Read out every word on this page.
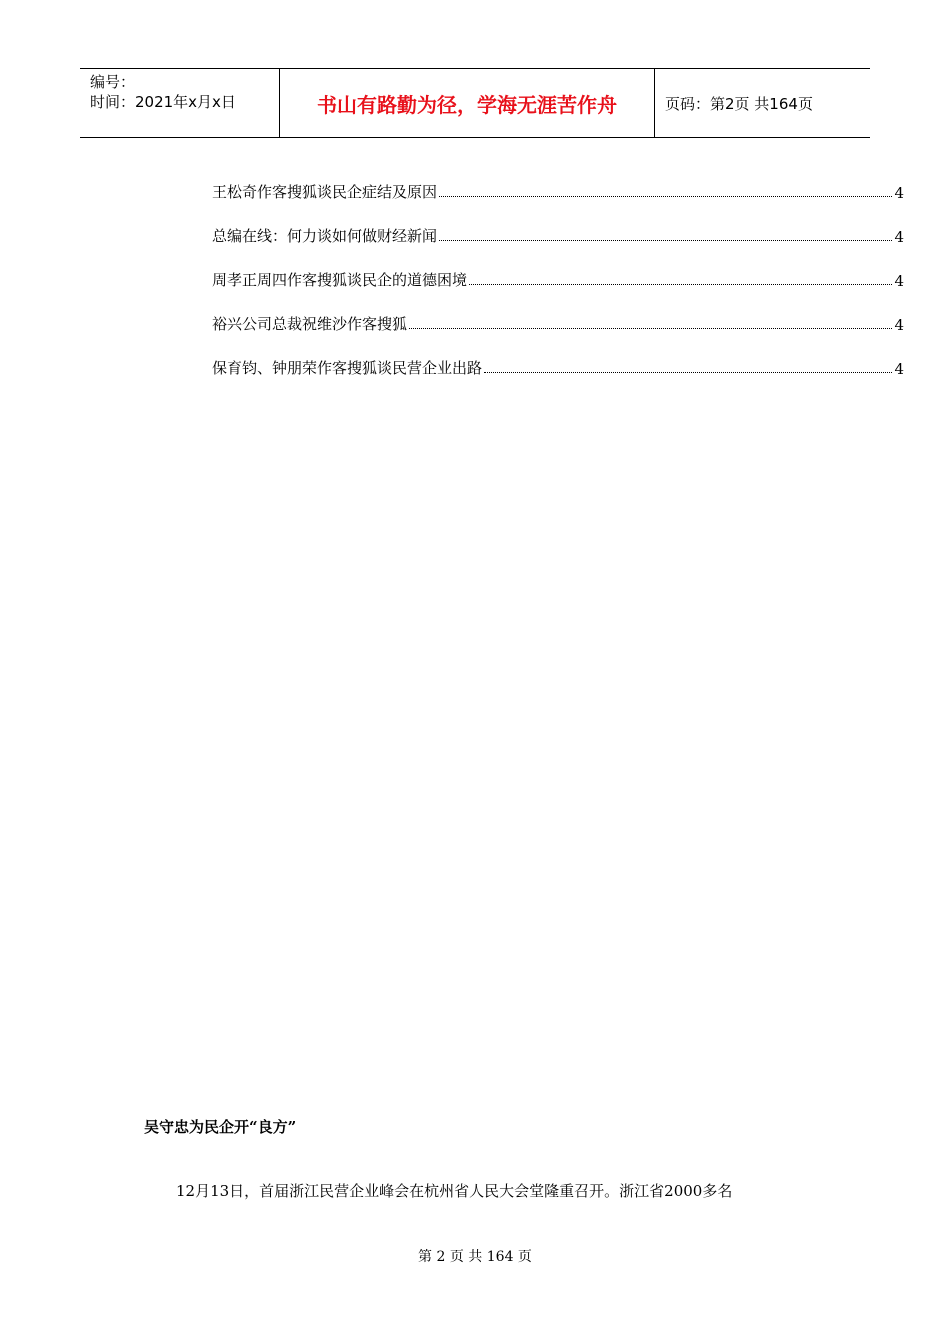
编号：
时间：2021年x月x日	书山有路勤为径，学海无涯苦作舟	页码：第2页 共164页
王松奇作客搜狐谈民企症结及原因	4
总编在线：何力谈如何做财经新闻	4
周孝正周四作客搜狐谈民企的道德困境	4
裕兴公司总裁祝维沙作客搜狐	4
保育钧、钟朋荣作客搜狐谈民营企业出路	4
吴守忠为民企开“良方”
12月13日，首届浙江民营企业峰会在杭州省人民大会堂隆重召开。浙江省2000多名
第 2 页 共 164 页
